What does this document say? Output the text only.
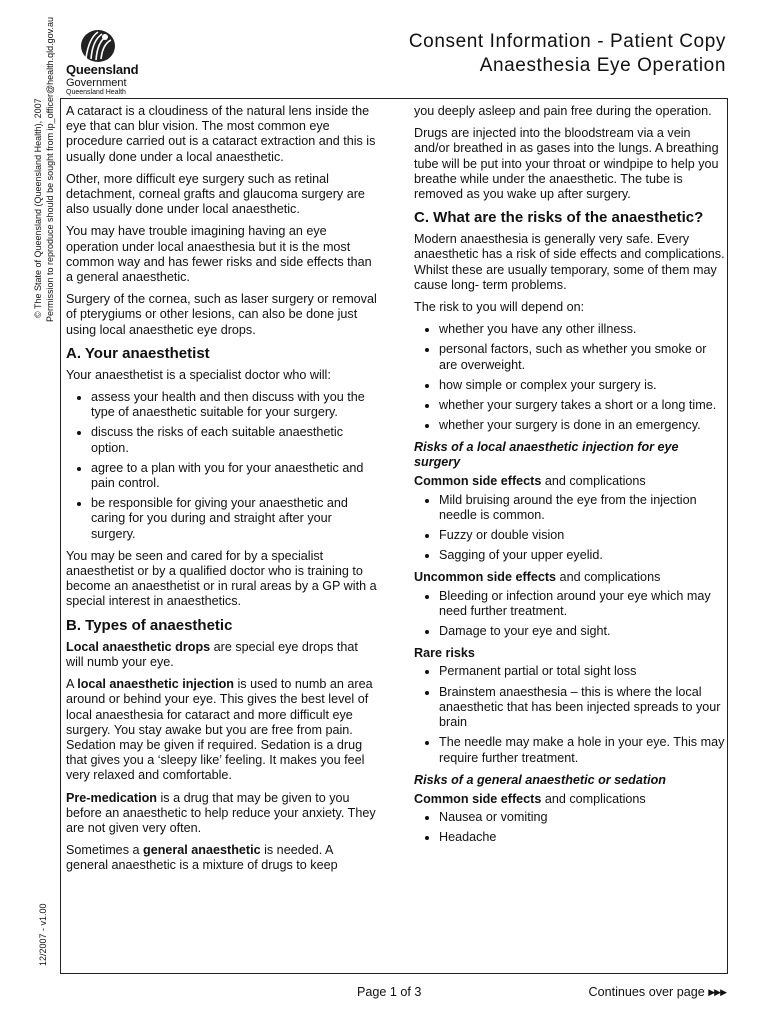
© The State of Queensland (Queensland Health), 2007 Permission to reproduce should be sought from ip_officer@health.qld.gov.au
12/2007 - v1.00
Queensland
Government
Queensland Health
Consent Information - Patient Copy
Anaesthesia Eye Operation

A cataract is a cloudiness of the natural lens inside the eye that can blur vision. The most common eye procedure carried out is a cataract extraction and this is usually done under a local anaesthetic.

Other, more difficult eye surgery such as retinal detachment, corneal grafts and glaucoma surgery are also usually done under local anaesthetic.

You may have trouble imagining having an eye operation under local anaesthesia but it is the most common way and has fewer risks and side effects than a general anaesthetic.

Surgery of the cornea, such as laser surgery or removal of pterygiums or other lesions, can also be done just using local anaesthetic eye drops.

A. Your anaesthetist

Your anaesthetist is a specialist doctor who will:

• assess your health and then discuss with you the type of anaesthetic suitable for your surgery.
• discuss the risks of each suitable anaesthetic option.
• agree to a plan with you for your anaesthetic and pain control.
• be responsible for giving your anaesthetic and caring for you during and straight after your surgery.

You may be seen and cared for by a specialist anaesthetist or by a qualified doctor who is training to become an anaesthetist or in rural areas by a GP with a special interest in anaesthetics.

B. Types of anaesthetic

Local anaesthetic drops are special eye drops that will numb your eye.

A local anaesthetic injection is used to numb an area around or behind your eye. This gives the best level of local anaesthesia for cataract and more difficult eye surgery. You stay awake but you are free from pain. Sedation may be given if required. Sedation is a drug that gives you a ‘sleepy like’ feeling. It makes you feel very relaxed and comfortable.

Pre-medication is a drug that may be given to you before an anaesthetic to help reduce your anxiety. They are not given very often.

Sometimes a general anaesthetic is needed. A general anaesthetic is a mixture of drugs to keep

you deeply asleep and pain free during the operation.

Drugs are injected into the bloodstream via a vein and/or breathed in as gases into the lungs. A breathing tube will be put into your throat or windpipe to help you breathe while under the anaesthetic. The tube is removed as you wake up after surgery.

C. What are the risks of the anaesthetic?

Modern anaesthesia is generally very safe. Every anaesthetic has a risk of side effects and complications. Whilst these are usually temporary, some of them may cause long- term problems.

The risk to you will depend on:

• whether you have any other illness.
• personal factors, such as whether you smoke or are overweight.
• how simple or complex your surgery is.
• whether your surgery takes a short or a long time.
• whether your surgery is done in an emergency.
Risks of a local anaesthetic injection for eye surgery

Common side effects and complications

• Mild bruising around the eye from the injection needle is common.
• Fuzzy or double vision
• Sagging of your upper eyelid.

Uncommon side effects and complications

• Bleeding or infection around your eye which may need further treatment.
• Damage to your eye and sight.

Rare risks

• Permanent partial or total sight loss
• Brainstem anaesthesia – this is where the local anaesthetic that has been injected spreads to your brain
• The needle may make a hole in your eye. This may require further treatment.
Risks of a general anaesthetic or sedation

Common side effects and complications

• Nausea or vomiting
• Headache
Page 1 of 3	Continues over page ▶▶▶
